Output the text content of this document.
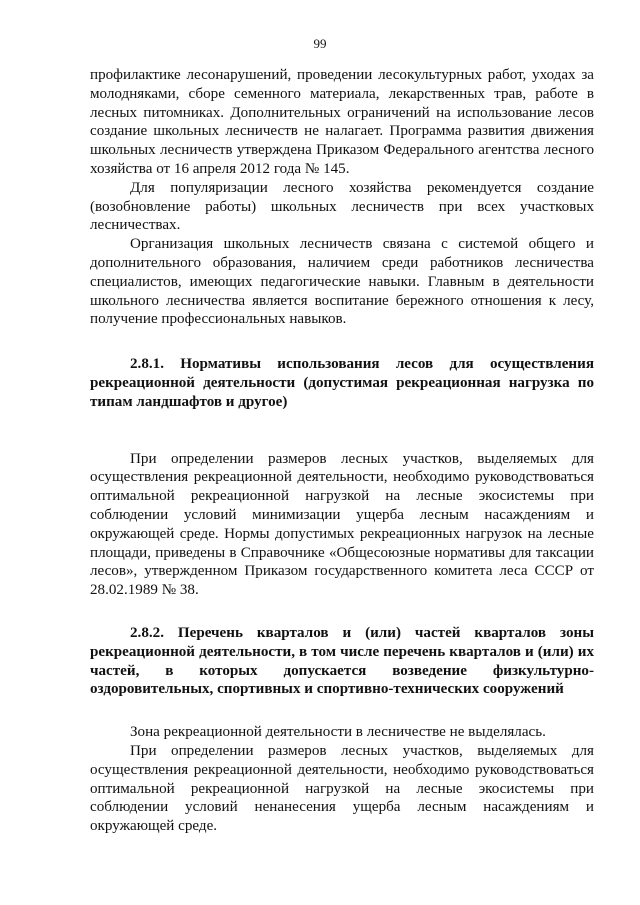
99

профилактике лесонарушений, проведении лесокультурных работ, уходах за молодняками, сборе семенного материала, лекарственных трав, работе в лесных питомниках. Дополнительных ограничений на использование лесов создание школьных лесничеств не налагает. Программа развития движения школьных лесничеств утверждена Приказом Федерального агентства лесного хозяйства от 16 апреля 2012 года № 145.

Для популяризации лесного хозяйства рекомендуется создание (возобновление работы) школьных лесничеств при всех участковых лесничествах.

Организация школьных лесничеств связана с системой общего и дополнительного образования, наличием среди работников лесничества специалистов, имеющих педагогические навыки. Главным в деятельности школьного лесничества является воспитание бережного отношения к лесу, получение профессиональных навыков.

2.8.1. Нормативы использования лесов для осуществления рекреационной деятельности (допустимая рекреационная нагрузка по типам ландшафтов и другое)

При определении размеров лесных участков, выделяемых для осуществления рекреационной деятельности, необходимо руководствоваться оптимальной рекреационной нагрузкой на лесные экосистемы при соблюдении условий минимизации ущерба лесным насаждениям и окружающей среде. Нормы допустимых рекреационных нагрузок на лесные площади, приведены в Справочнике «Общесоюзные нормативы для таксации лесов», утвержденном Приказом государственного комитета леса СССР от 28.02.1989 № 38.

2.8.2. Перечень кварталов и (или) частей кварталов зоны рекреационной деятельности, в том числе перечень кварталов и (или) их частей, в которых допускается возведение физкультурно-оздоровительных, спортивных и спортивно-технических сооружений

Зона рекреационной деятельности в лесничестве не выделялась.

При определении размеров лесных участков, выделяемых для осуществления рекреационной деятельности, необходимо руководствоваться оптимальной рекреационной нагрузкой на лесные экосистемы при соблюдении условий ненанесения ущерба лесным насаждениям и окружающей среде.
